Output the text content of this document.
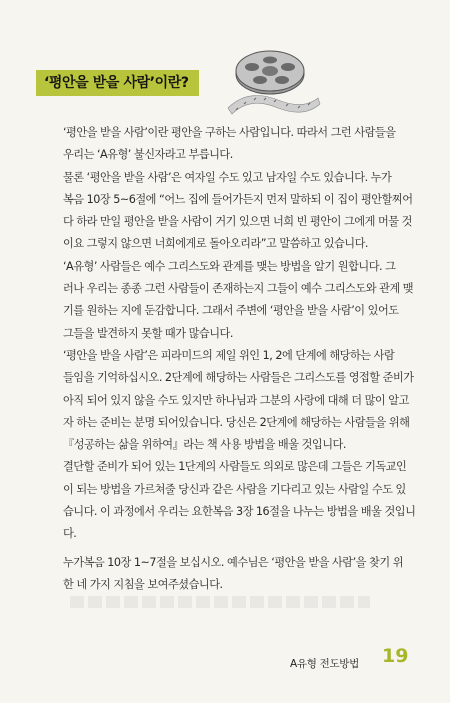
‘평안을 받을 사람’이란?

‘평안을 받을 사람’이란 평안을 구하는 사람입니다. 따라서 그런 사람들을
우리는 ‘A유형’ 불신자라고 부릅니다.

물론 ‘평안을 받을 사람’은 여자일 수도 있고 남자일 수도 있습니다. 누가
복음 10장 5~6절에 “어느 집에 들어가든지 먼저 말하되 이 집이 평안할찌어
다 하라 만일 평안을 받을 사람이 거기 있으면 너희 빈 평안이 그에게 머물 것
이요 그렇지 않으면 너희에게로 돌아오리라”고 말씀하고 있습니다.

‘A유형’ 사람들은 예수 그리스도와 관계를 맺는 방법을 알기 원합니다. 그
러나 우리는 종종 그런 사람들이 존재하는지 그들이 예수 그리스도와 관계 맺
기를 원하는 지에 둔감합니다. 그래서 주변에 ‘평안을 받을 사람’이 있어도
그들을 발견하지 못할 때가 많습니다.

‘평안을 받을 사람’은 피라미드의 제일 위인 1, 2에 단계에 해당하는 사람
들임을 기억하십시오. 2단계에 해당하는 사람들은 그리스도를 영접할 준비가
아직 되어 있지 않을 수도 있지만 하나님과 그분의 사랑에 대해 더 많이 알고
자 하는 준비는 분명 되어있습니다. 당신은 2단계에 해당하는 사람들을 위해
『성공하는 삶을 위하여』라는 책 사용 방법을 배울 것입니다.

결단할 준비가 되어 있는 1단계의 사람들도 의외로 많은데 그들은 기독교인
이 되는 방법을 가르쳐줄 당신과 같은 사람을 기다리고 있는 사람일 수도 있
습니다. 이 과정에서 우리는 요한복음 3장 16절을 나누는 방법을 배울 것입니
다.

누가복음 10장 1~7절을 보십시오. 예수님은 ‘평안을 받을 사람’을 찾기 위
한 네 가지 지침을 보여주셨습니다.

A유형 전도방법 19
